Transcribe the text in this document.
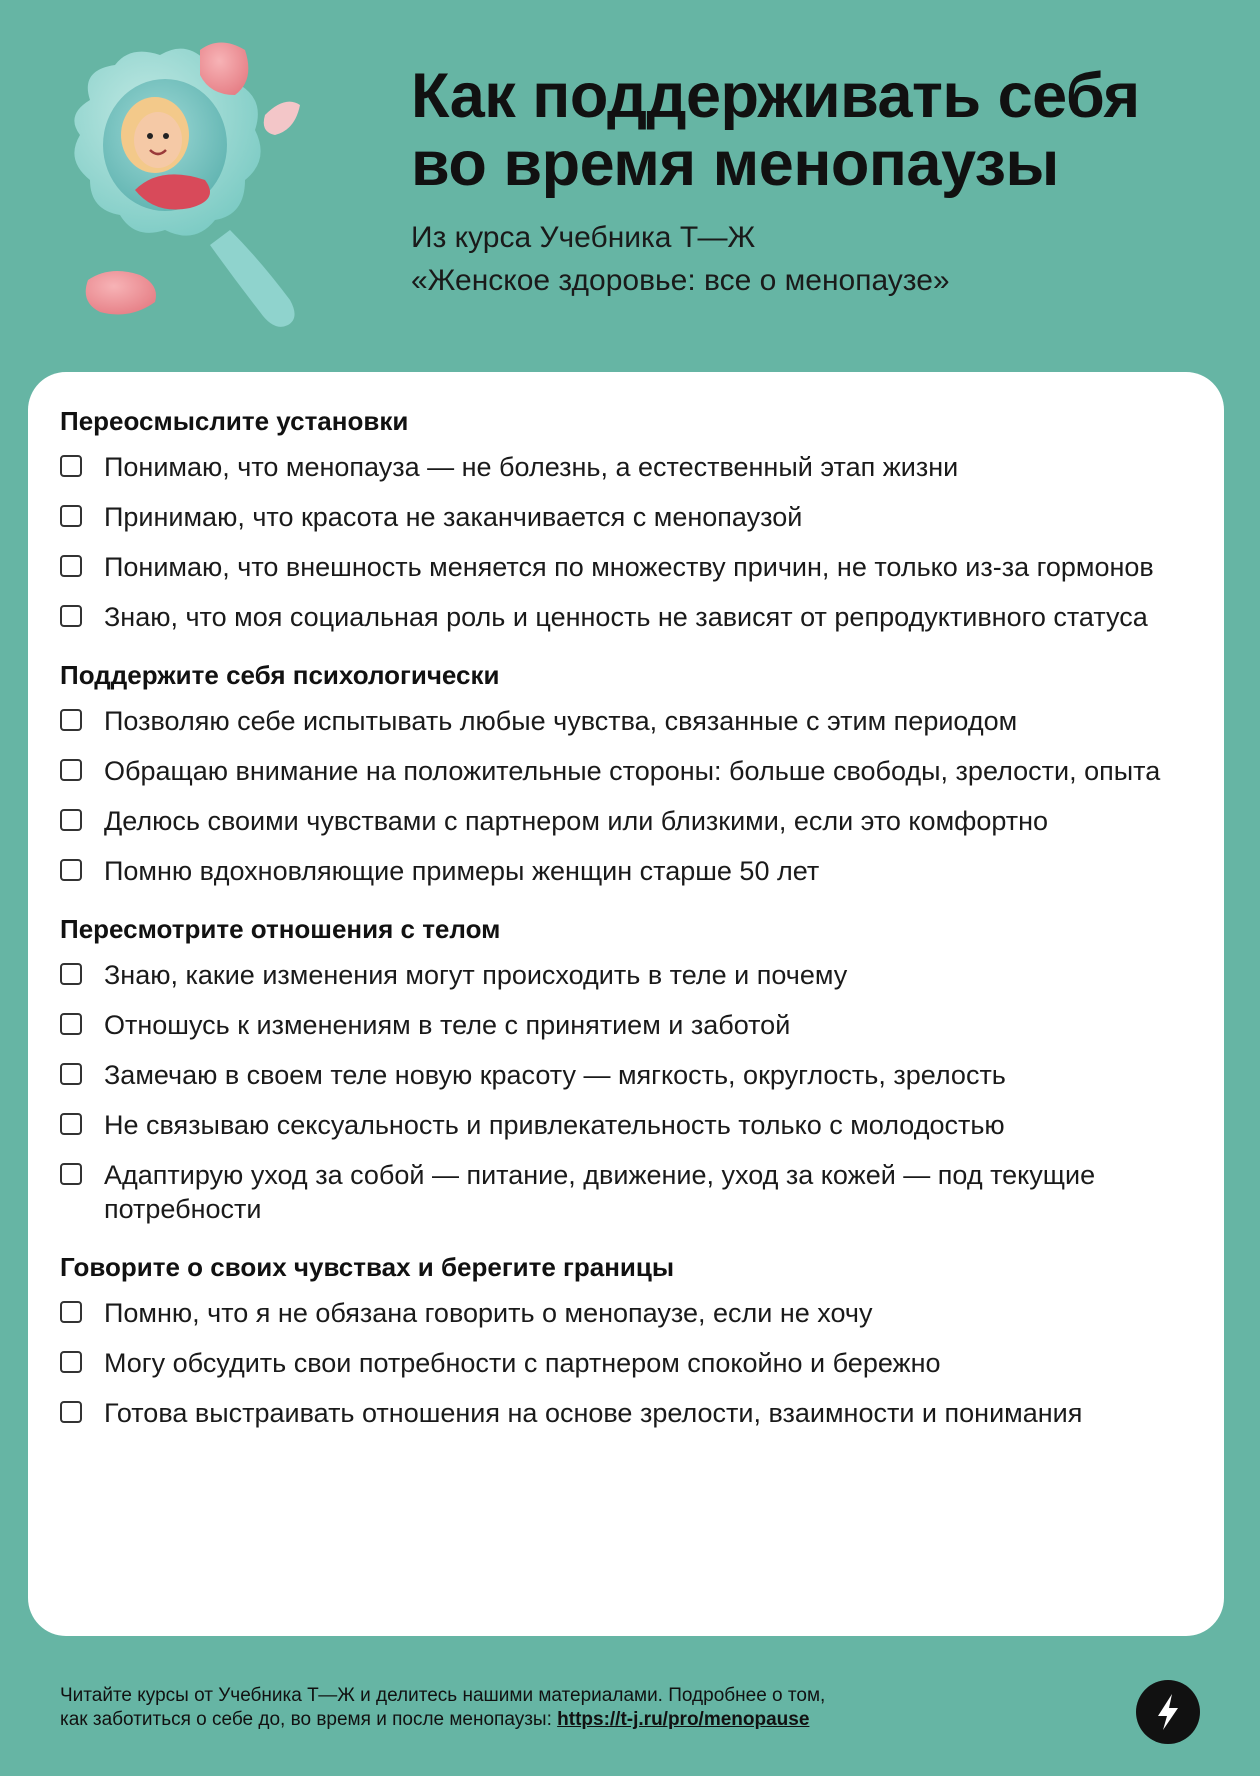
Как поддерживать себя
во время менопаузы
Из курса Учебника Т—Ж
«Женское здоровье: все о менопаузе»
Переосмыслите установки
Понимаю, что менопауза — не болезнь, а естественный этап жизни
Принимаю, что красота не заканчивается с менопаузой
Понимаю, что внешность меняется по множеству причин, не только из-за гормонов
Знаю, что моя социальная роль и ценность не зависят от репродуктивного статуса
Поддержите себя психологически
Позволяю себе испытывать любые чувства, связанные с этим периодом
Обращаю внимание на положительные стороны: больше свободы, зрелости, опыта
Делюсь своими чувствами с партнером или близкими, если это комфортно
Помню вдохновляющие примеры женщин старше 50 лет
Пересмотрите отношения с телом
Знаю, какие изменения могут происходить в теле и почему
Отношусь к изменениям в теле с принятием и заботой
Замечаю в своем теле новую красоту — мягкость, округлость, зрелость
Не связываю сексуальность и привлекательность только с молодостью
Адаптирую уход за собой — питание, движение, уход за кожей — под текущие потребности
Говорите о своих чувствах и берегите границы
Помню, что я не обязана говорить о менопаузе, если не хочу
Могу обсудить свои потребности с партнером спокойно и бережно
Готова выстраивать отношения на основе зрелости, взаимности и понимания
Читайте курсы от Учебника Т—Ж и делитесь нашими материалами. Подробнее о том,
как заботиться о себе до, во время и после менопаузы: https://t-j.ru/pro/menopause
